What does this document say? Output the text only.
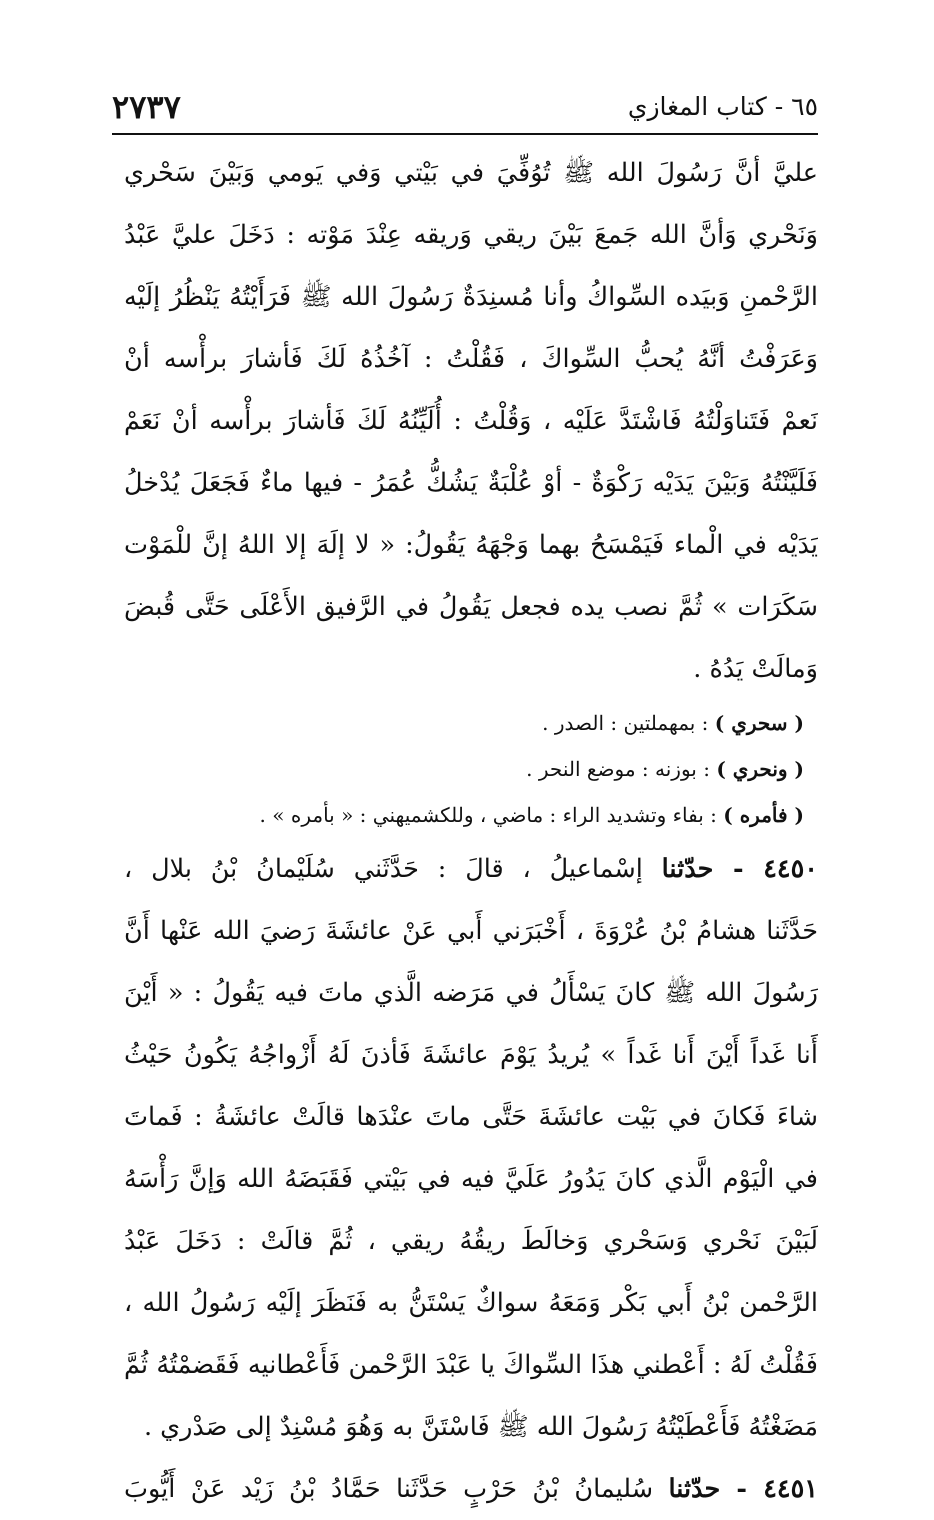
٢٧٣٧	٦٥ - كتاب المغازي
عليَّ أنَّ رَسُولَ الله ﷺ تُوُفِّيَ في بَيْتي وَفي يَومي وَبَيْنَ سَحْري
وَنَحْري وَأنَّ الله جَمعَ بَيْنَ ريقي وَريقه عِنْدَ مَوْته : دَخَلَ عليَّ عَبْدُ
الرَّحْمنِ وَبيَده السِّواكُ وأنا مُسنِدَةٌ رَسُولَ الله ﷺ فَرَأَيْتُهُ يَنْظُرُ إلَيْه
وَعَرَفْتُ أنَّهُ يُحبُّ السِّواكَ ، فَقُلْتُ : آخُذُهُ لَكَ فَأشارَ برأْسه أنْ
نَعمْ فَتَناوَلْتُهُ فَاشْتَدَّ عَلَيْه ، وَقُلْتُ : أُلَيِّنُهُ لَكَ فَأشارَ برأْسه أنْ نَعَمْ
فَلَيَّنْتُهُ وَبَيْنَ يَدَيْه رَكْوَةٌ - أوْ عُلْبَةٌ يَشُكُّ عُمَرُ - فيها ماءٌ فَجَعَلَ يُدْخلُ
يَدَيْه في الْماء فَيَمْسَحُ بهما وَجْهَهُ يَقُولُ: « لا إلَهَ إلا اللهُ إنَّ للْمَوْت
سَكَرَات » ثُمَّ نصب يده فجعل يَقُولُ في الرَّفيق الأَعْلَى حَتَّى قُبضَ
وَمالَتْ يَدُهُ .
( سحري ) : بمهملتين : الصدر .
( ونحري ) : بوزنه : موضع النحر .
( فأمره ) : بفاء وتشديد الراء : ماضي ، وللكشميهني : « بأمره » .
٤٤٥٠ - حدّثنا إسْماعيلُ ، قالَ : حَدَّثَني سُلَيْمانُ بْنُ بلال ،
حَدَّثَنا هشامُ بْنُ عُرْوَةَ ، أَخْبَرَني أَبي عَنْ عائشَةَ رَضيَ الله عَنْها أَنَّ
رَسُولَ الله ﷺ كانَ يَسْأَلُ في مَرَضه الَّذي ماتَ فيه يَقُولُ : « أَيْنَ
أَنا غَداً أَيْنَ أَنا غَداً » يُريدُ يَوْمَ عائشَةَ فَأذنَ لَهُ أَزْواجُهُ يَكُونُ حَيْثُ
شاءَ فَكانَ في بَيْت عائشَةَ حَتَّى ماتَ عنْدَها قالَتْ عائشَةُ : فَماتَ
في الْيَوْم الَّذي كانَ يَدُورُ عَلَيَّ فيه في بَيْتي فَقَبَضَهُ الله وَإنَّ رَأْسَهُ
لَبَيْنَ نَحْري وَسَحْري وَخالَطَ ريقُهُ ريقي ، ثُمَّ قالَتْ : دَخَلَ عَبْدُ
الرَّحْمن بْنُ أَبي بَكْر وَمَعَهُ سواكٌ يَسْتَنُّ به فَنَظَرَ إلَيْه رَسُولُ الله ،
فَقُلْتُ لَهُ : أَعْطني هذَا السِّواكَ يا عَبْدَ الرَّحْمن فَأَعْطانيه فَقَضمْتُهُ ثُمَّ
مَضَغْتُهُ فَأَعْطَيْتُهُ رَسُولَ الله ﷺ فَاسْتَنَّ به وَهُوَ مُسْنِدٌ إلى صَدْري .
٤٤٥١ - حدّثنا سُليمانُ بْنُ حَرْبٍ حَدَّثَنا حَمَّادُ بْنُ زَيْد عَنْ أَيُّوبَ
